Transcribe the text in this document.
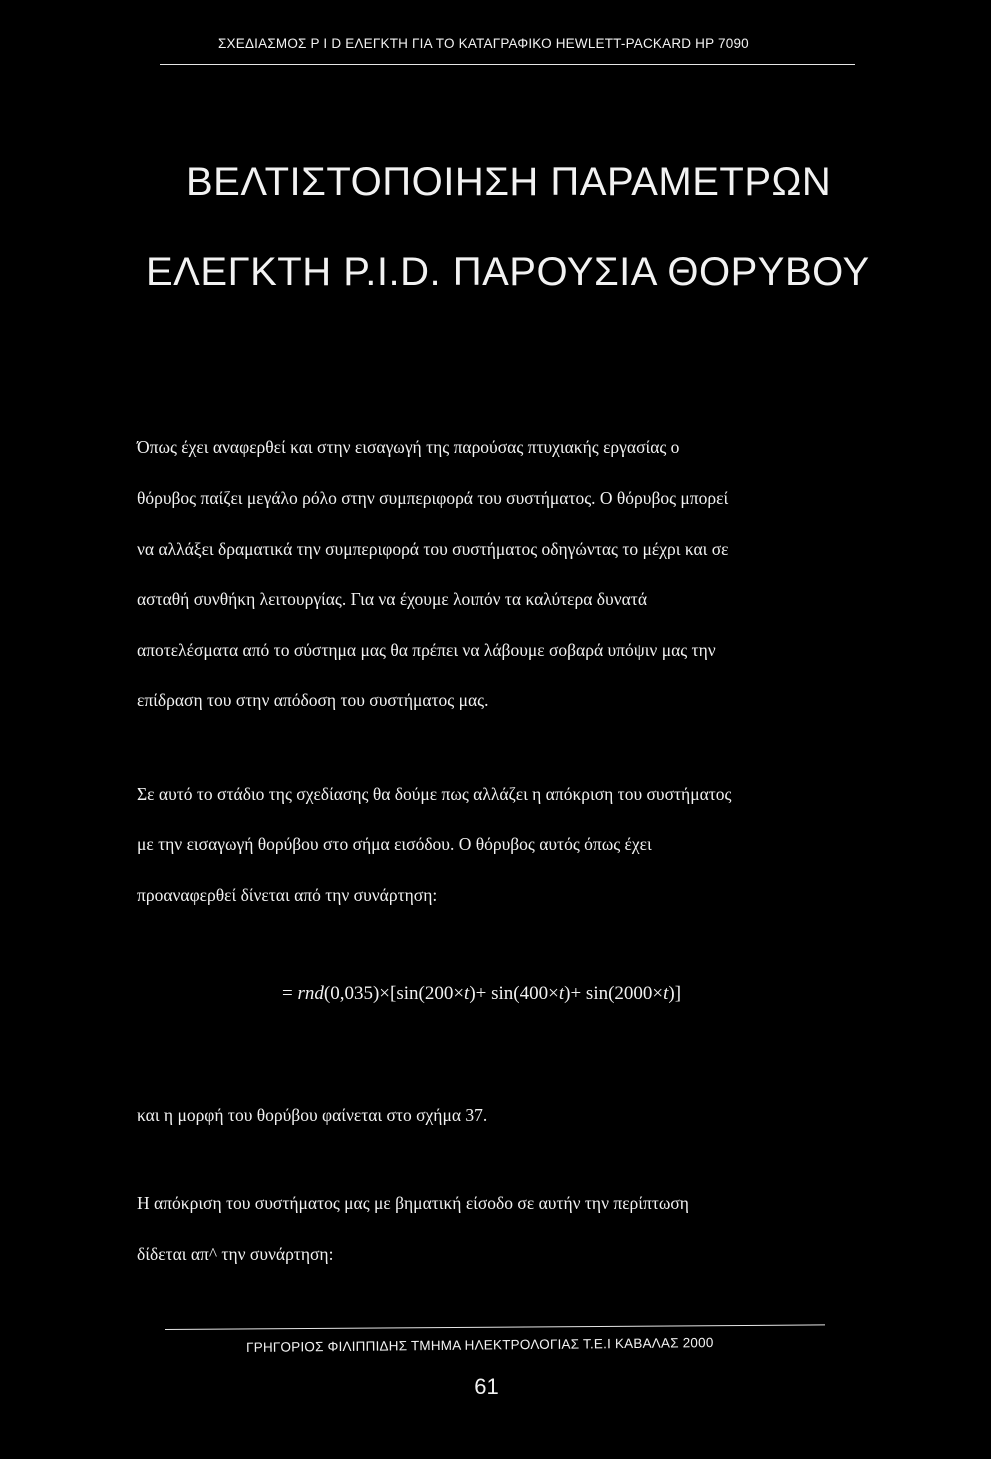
ΣΧΕΔΙΑΣΜΟΣ P I D ΕΛΕΓΚΤΗ ΓΙΑ ΤΟ ΚΑΤΑΓΡΑΦΙΚΟ HEWLETT-PACKARD HP 7090
ΒΕΛΤΙΣΤΟΠΟΙΗΣΗ ΠΑΡΑΜΕΤΡΩΝ
ΕΛΕΓΚΤΗ P.I.D. ΠΑΡΟΥΣΙΑ ΘΟΡΥΒΟΥ
Όπως έχει αναφερθεί και στην εισαγωγή της παρούσας πτυχιακής εργασίας ο
θόρυβος παίζει μεγάλο ρόλο στην συμπεριφορά του συστήματος. Ο θόρυβος μπορεί
να αλλάξει δραματικά την συμπεριφορά του συστήματος οδηγώντας το μέχρι και σε
ασταθή συνθήκη λειτουργίας. Για να έχουμε λοιπόν τα καλύτερα δυνατά
αποτελέσματα από το σύστημα μας θα πρέπει να λάβουμε σοβαρά υπόψιν μας την
επίδραση του στην απόδοση του συστήματος μας.
Σε αυτό το στάδιο της σχεδίασης θα δούμε πως αλλάζει η απόκριση του συστήματος
με την εισαγωγή θορύβου στο σήμα εισόδου. Ο θόρυβος αυτός όπως έχει
προαναφερθεί δίνεται από την συνάρτηση:
= rnd(0,035)×[sin(200×t)+ sin(400×t)+ sin(2000×t)]
και η μορφή του θορύβου φαίνεται στο σχήμα 37.
Η απόκριση του συστήματος μας με βηματική είσοδο σε αυτήν την περίπτωση
δίδεται απ^ την συνάρτηση:
ΓΡΗΓΟΡΙΟΣ ΦΙΛΙΠΠΙΔΗΣ ΤΜΗΜΑ ΗΛΕΚΤΡΟΛΟΓΙΑΣ Τ.Ε.Ι ΚΑΒΑΛΑΣ 2000
61
